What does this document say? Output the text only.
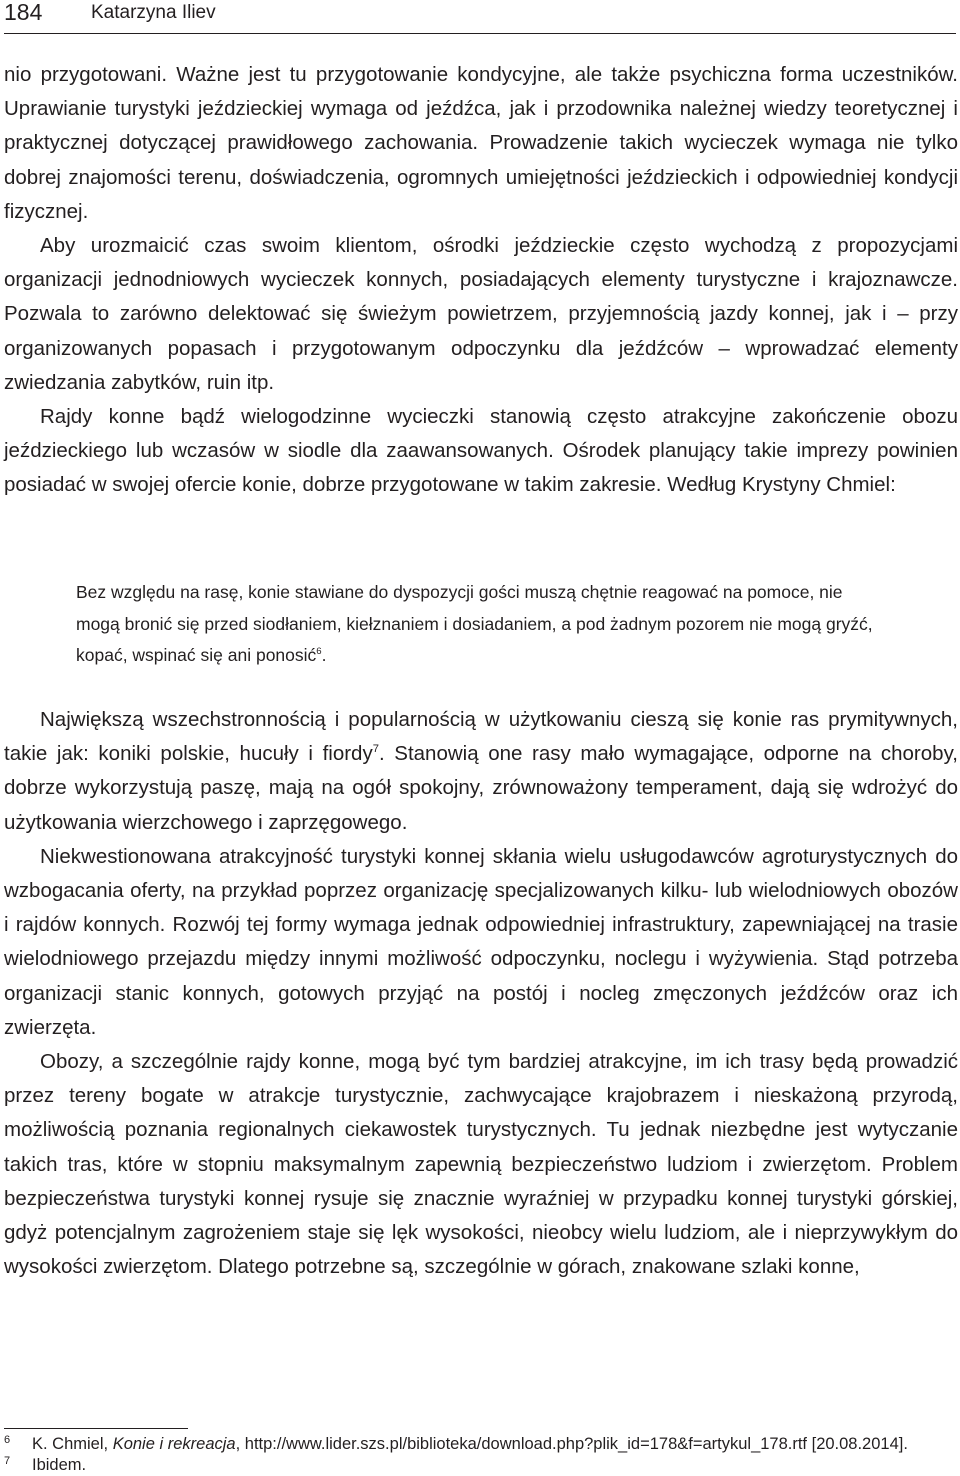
184	Katarzyna Iliev

nio przygotowani. Ważne jest tu przygotowanie kondycyjne, ale także psychiczna forma uczestników. Uprawianie turystyki jeździeckiej wymaga od jeźdźca, jak i przodownika należnej wiedzy teoretycznej i praktycznej dotyczącej prawidłowego zachowania. Prowadzenie takich wycieczek wymaga nie tylko dobrej znajomości terenu, doświadczenia, ogromnych umiejętności jeździeckich i odpowiedniej kondycji fizycznej.

Aby urozmaicić czas swoim klientom, ośrodki jeździeckie często wychodzą z propozycjami organizacji jednodniowych wycieczek konnych, posiadających elementy turystyczne i krajoznawcze. Pozwala to zarówno delektować się świeżym powietrzem, przyjemnością jazdy konnej, jak i – przy organizowanych popasach i przygotowanym odpoczynku dla jeźdźców – wprowadzać elementy zwiedzania zabytków, ruin itp.

Rajdy konne bądź wielogodzinne wycieczki stanowią często atrakcyjne zakończenie obozu jeździeckiego lub wczasów w siodle dla zaawansowanych. Ośrodek planujący takie imprezy powinien posiadać w swojej ofercie konie, dobrze przygotowane w takim zakresie. Według Krystyny Chmiel:

Bez względu na rasę, konie stawiane do dyspozycji gości muszą chętnie reagować na pomoce, nie mogą bronić się przed siodłaniem, kiełznaniem i dosiadaniem, a pod żadnym pozorem nie mogą gryźć, kopać, wspinać się ani ponosić$^6$.

Największą wszechstronnością i popularnością w użytkowaniu cieszą się konie ras prymitywnych, takie jak: koniki polskie, hucuły i fiordy$^7$. Stanowią one rasy mało wymagające, odporne na choroby, dobrze wykorzystują paszę, mają na ogół spokojny, zrównoważony temperament, dają się wdrożyć do użytkowania wierzchowego i zaprzęgowego.

Niekwestionowana atrakcyjność turystyki konnej skłania wielu usługodawców agroturystycznych do wzbogacania oferty, na przykład poprzez organizację specjalizowanych kilku- lub wielodniowych obozów i rajdów konnych. Rozwój tej formy wymaga jednak odpowiedniej infrastruktury, zapewniającej na trasie wielodniowego przejazdu między innymi możliwość odpoczynku, noclegu i wyżywienia. Stąd potrzeba organizacji stanic konnych, gotowych przyjąć na postój i nocleg zmęczonych jeźdźców oraz ich zwierzęta.

Obozy, a szczególnie rajdy konne, mogą być tym bardziej atrakcyjne, im ich trasy będą prowadzić przez tereny bogate w atrakcje turystycznie, zachwycające krajobrazem i nieskażoną przyrodą, możliwością poznania regionalnych ciekawostek turystycznych. Tu jednak niezbędne jest wytyczanie takich tras, które w stopniu maksymalnym zapewnią bezpieczeństwo ludziom i zwierzętom. Problem bezpieczeństwa turystyki konnej rysuje się znacznie wyraźniej w przypadku konnej turystyki górskiej, gdyż potencjalnym zagrożeniem staje się lęk wysokości, nieobcy wielu ludziom, ale i nieprzywykłym do wysokości zwierzętom. Dlatego potrzebne są, szczególnie w górach, znakowane szlaki konne,

6 K. Chmiel, Konie i rekreacja, http://www.lider.szs.pl/biblioteka/download.php?plik_id=178&f=artykul_178.rtf [20.08.2014].
7 Ibidem.
